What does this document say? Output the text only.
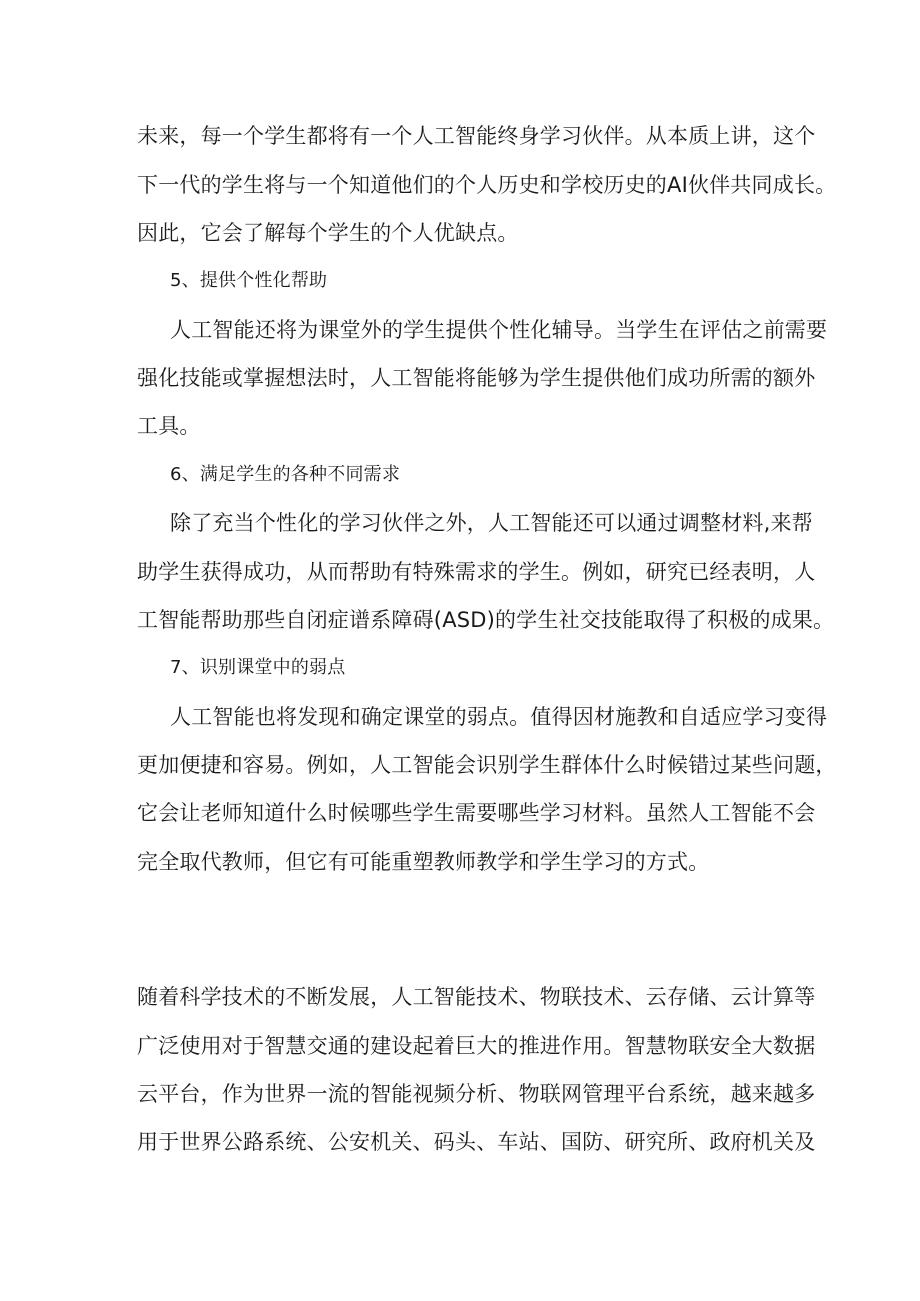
未来，每一个学生都将有一个人工智能终身学习伙伴。从本质上讲，这个
下一代的学生将与一个知道他们的个人历史和学校历史的AI伙伴共同成长。
因此，它会了解每个学生的个人优缺点。
5、提供个性化帮助
人工智能还将为课堂外的学生提供个性化辅导。当学生在评估之前需要
强化技能或掌握想法时，人工智能将能够为学生提供他们成功所需的额外
工具。
6、满足学生的各种不同需求
除了充当个性化的学习伙伴之外，人工智能还可以通过调整材料,来帮
助学生获得成功，从而帮助有特殊需求的学生。例如，研究已经表明，人
工智能帮助那些自闭症谱系障碍(ASD)的学生社交技能取得了积极的成果。
7、识别课堂中的弱点
人工智能也将发现和确定课堂的弱点。值得因材施教和自适应学习变得
更加便捷和容易。例如，人工智能会识别学生群体什么时候错过某些问题，
它会让老师知道什么时候哪些学生需要哪些学习材料。虽然人工智能不会
完全取代教师，但它有可能重塑教师教学和学生学习的方式。
随着科学技术的不断发展，人工智能技术、物联技术、云存储、云计算等
广泛使用对于智慧交通的建设起着巨大的推进作用。智慧物联安全大数据
云平台，作为世界一流的智能视频分析、物联网管理平台系统，越来越多
用于世界公路系统、公安机关、码头、车站、国防、研究所、政府机关及
